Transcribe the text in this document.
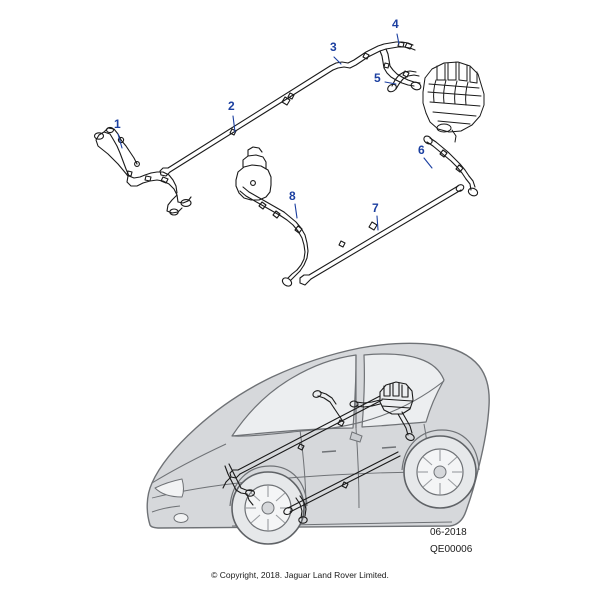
1
2
3
4
5
6
7
8
06-2018
QE00006
© Copyright, 2018. Jaguar Land Rover Limited.
